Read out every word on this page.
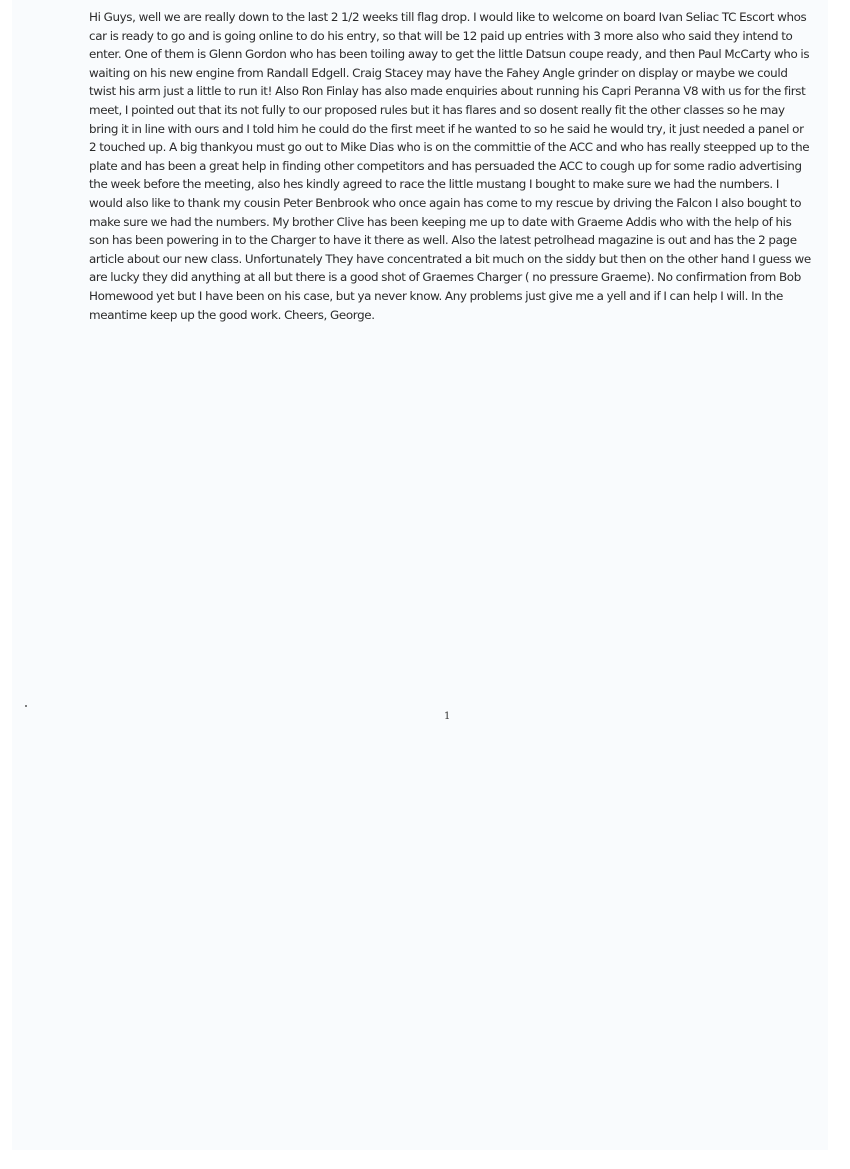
Hi Guys, well we are really down to the last 2 1/2 weeks till flag drop. I would like to welcome on board Ivan Seliac TC Escort whos car is ready to go and is going online to do his entry, so that will be 12 paid up entries with 3 more also who said they intend to enter. One of them is Glenn Gordon who has been toiling away to get the little Datsun coupe ready, and then Paul McCarty who is waiting on his new engine from Randall Edgell. Craig Stacey may have the Fahey Angle grinder on display or maybe we could twist his arm just a little to run it! Also Ron Finlay has also made enquiries about running his Capri Peranna V8 with us for the first meet, I pointed out that its not fully to our proposed rules but it has flares and so dosent really fit the other classes so he may bring it in line with ours and I told him he could do the first meet if he wanted to so he said he would try, it just needed a panel or 2 touched up. A big thankyou must go out to Mike Dias who is on the committie of the ACC and who has really steepped up to the plate and has been a great help in finding other competitors and has persuaded the ACC to cough up for some radio advertising the week before the meeting, also hes kindly agreed to race the little mustang I bought to make sure we had the numbers. I would also like to thank my cousin Peter Benbrook who once again has come to my rescue by driving the Falcon I also bought to make sure we had the numbers. My brother Clive has been keeping me up to date with Graeme Addis who with the help of his son has been powering in to the Charger to have it there as well. Also the latest petrolhead magazine is out and has the 2 page article about our new class. Unfortunately They have concentrated a bit much on the siddy but then on the other hand I guess we are lucky they did anything at all but there is a good shot of Graemes Charger ( no pressure Graeme). No confirmation from Bob Homewood yet but I have been on his case, but ya never know. Any problems just give me a yell and if I can help I will. In the meantime keep up the good work. Cheers, George.

1
